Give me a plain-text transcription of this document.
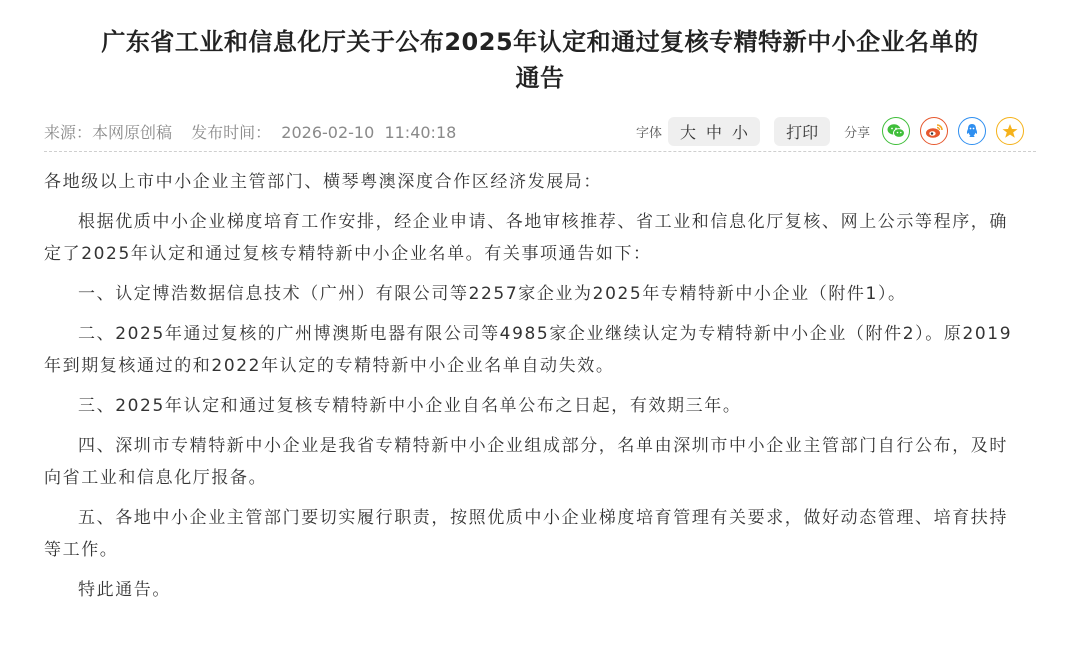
广东省工业和信息化厅关于公布2025年认定和通过复核专精特新中小企业名单的
通告
来源：本网原创稿 发布时间：  2026-02-10  11:40:18	字体 大 中 小 打印 分享

各地级以上市中小企业主管部门、横琴粤澳深度合作区经济发展局：

根据优质中小企业梯度培育工作安排，经企业申请、各地审核推荐、省工业和信息化厅复核、网上公示等程序，确定了2025年认定和通过复核专精特新中小企业名单。有关事项通告如下：

一、认定博浩数据信息技术（广州）有限公司等2257家企业为2025年专精特新中小企业（附件1）。

二、2025年通过复核的广州博澳斯电器有限公司等4985家企业继续认定为专精特新中小企业（附件2）。原2019年到期复核通过的和2022年认定的专精特新中小企业名单自动失效。

三、2025年认定和通过复核专精特新中小企业自名单公布之日起，有效期三年。

四、深圳市专精特新中小企业是我省专精特新中小企业组成部分，名单由深圳市中小企业主管部门自行公布，及时向省工业和信息化厅报备。

五、各地中小企业主管部门要切实履行职责，按照优质中小企业梯度培育管理有关要求，做好动态管理、培育扶持等工作。

特此通告。
